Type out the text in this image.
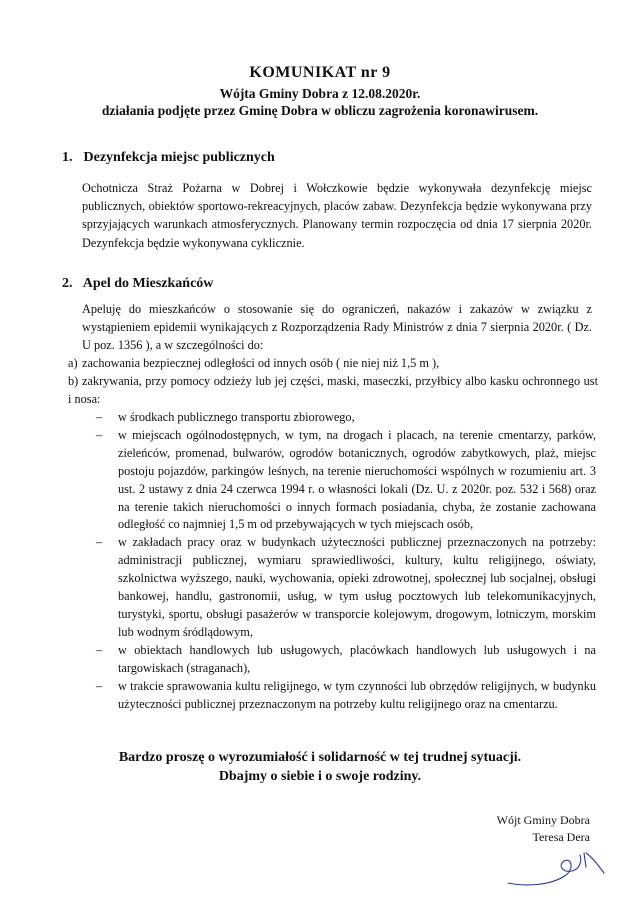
KOMUNIKAT nr 9
Wójta Gminy Dobra z 12.08.2020r.
działania podjęte przez Gminę Dobra w obliczu zagrożenia koronawirusem.
1. Dezynfekcja miejsc publicznych
Ochotnicza Straż Pożarna w Dobrej i Wołczkowie będzie wykonywała dezynfekcję miejsc publicznych, obiektów sportowo-rekreacyjnych, placów zabaw. Dezynfekcja będzie wykonywana przy sprzyjających warunkach atmosferycznych. Planowany termin rozpoczęcia od dnia 17 sierpnia 2020r. Dezynfekcja będzie wykonywana cyklicznie.
2. Apel do Mieszkańców
Apeluję do mieszkańców o stosowanie się do ograniczeń, nakazów i zakazów w związku z wystąpieniem epidemii wynikających z Rozporządzenia Rady Ministrów z dnia 7 sierpnia 2020r. ( Dz. U poz. 1356 ), a w szczególności do:
a) zachowania bezpiecznej odległości od innych osób ( nie niej niż 1,5 m ),
b) zakrywania, przy pomocy odzieży lub jej części, maski, maseczki, przyłbicy albo kasku ochronnego ust i nosa:
– w środkach publicznego transportu zbiorowego,
– w miejscach ogólnodostępnych, w tym, na drogach i placach, na terenie cmentarzy, parków, zieleńców, promenad, bulwarów, ogrodów botanicznych, ogrodów zabytkowych, plaż, miejsc postoju pojazdów, parkingów leśnych, na terenie nieruchomości wspólnych w rozumieniu art. 3 ust. 2 ustawy z dnia 24 czerwca 1994 r. o własności lokali (Dz. U. z 2020r. poz. 532 i 568) oraz na terenie takich nieruchomości o innych formach posiadania, chyba, że zostanie zachowana odległość co najmniej 1,5 m od przebywających w tych miejscach osób,
– w zakładach pracy oraz w budynkach użyteczności publicznej przeznaczonych na potrzeby: administracji publicznej, wymiaru sprawiedliwości, kultury, kultu religijnego, oświaty, szkolnictwa wyższego, nauki, wychowania, opieki zdrowotnej, społecznej lub socjalnej, obsługi bankowej, handlu, gastronomii, usług, w tym usług pocztowych lub telekomunikacyjnych, turystyki, sportu, obsługi pasażerów w transporcie kolejowym, drogowym, lotniczym, morskim lub wodnym śródlądowym,
– w obiektach handlowych lub usługowych, placówkach handlowych lub usługowych i na targowiskach (straganach),
– w trakcie sprawowania kultu religijnego, w tym czynności lub obrzędów religijnych, w budynku użyteczności publicznej przeznaczonym na potrzeby kultu religijnego oraz na cmentarzu.
Bardzo proszę o wyrozumiałość i solidarność w tej trudnej sytuacji.
Dbajmy o siebie i o swoje rodziny.
Wójt Gminy Dobra
Teresa Dera
